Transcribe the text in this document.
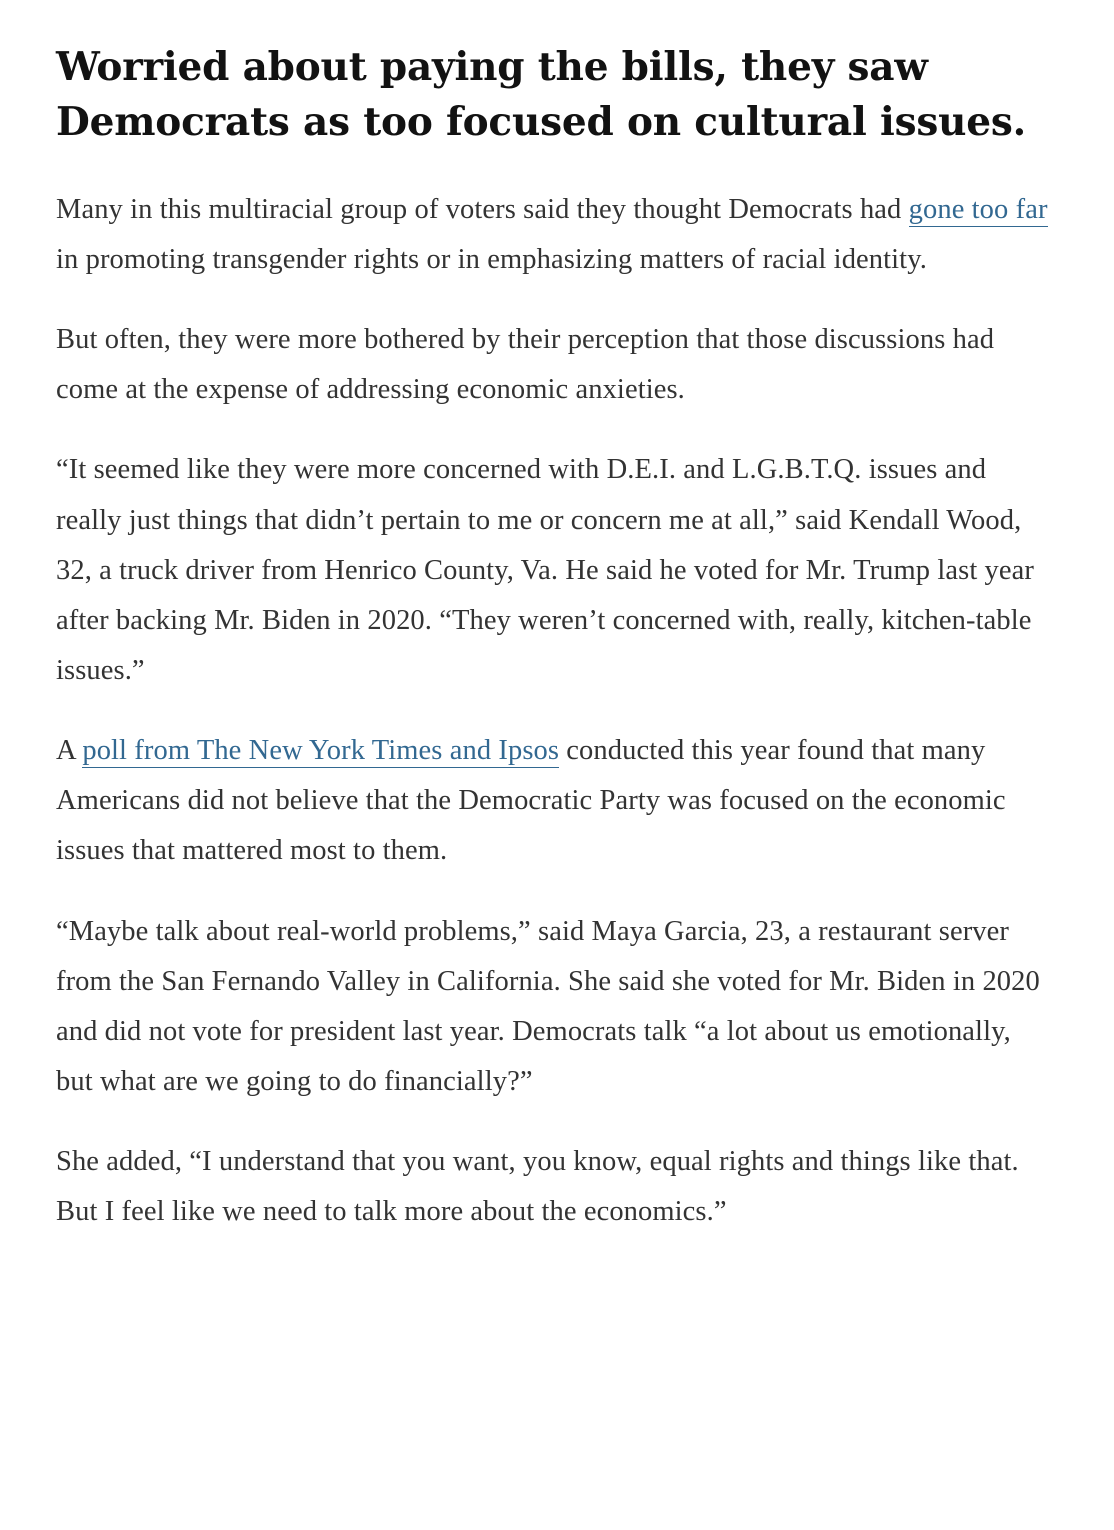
Worried about paying the bills, they saw Democrats as too focused on cultural issues.

Many in this multiracial group of voters said they thought Democrats had gone too far in promoting transgender rights or in emphasizing matters of racial identity.

But often, they were more bothered by their perception that those discussions had come at the expense of addressing economic anxieties.

“It seemed like they were more concerned with D.E.I. and L.G.B.T.Q. issues and really just things that didn’t pertain to me or concern me at all,” said Kendall Wood, 32, a truck driver from Henrico County, Va. He said he voted for Mr. Trump last year after backing Mr. Biden in 2020. “They weren’t concerned with, really, kitchen-table issues.”

A poll from The New York Times and Ipsos conducted this year found that many Americans did not believe that the Democratic Party was focused on the economic issues that mattered most to them.

“Maybe talk about real-world problems,” said Maya Garcia, 23, a restaurant server from the San Fernando Valley in California. She said she voted for Mr. Biden in 2020 and did not vote for president last year. Democrats talk “a lot about us emotionally, but what are we going to do financially?”

She added, “I understand that you want, you know, equal rights and things like that. But I feel like we need to talk more about the economics.”
